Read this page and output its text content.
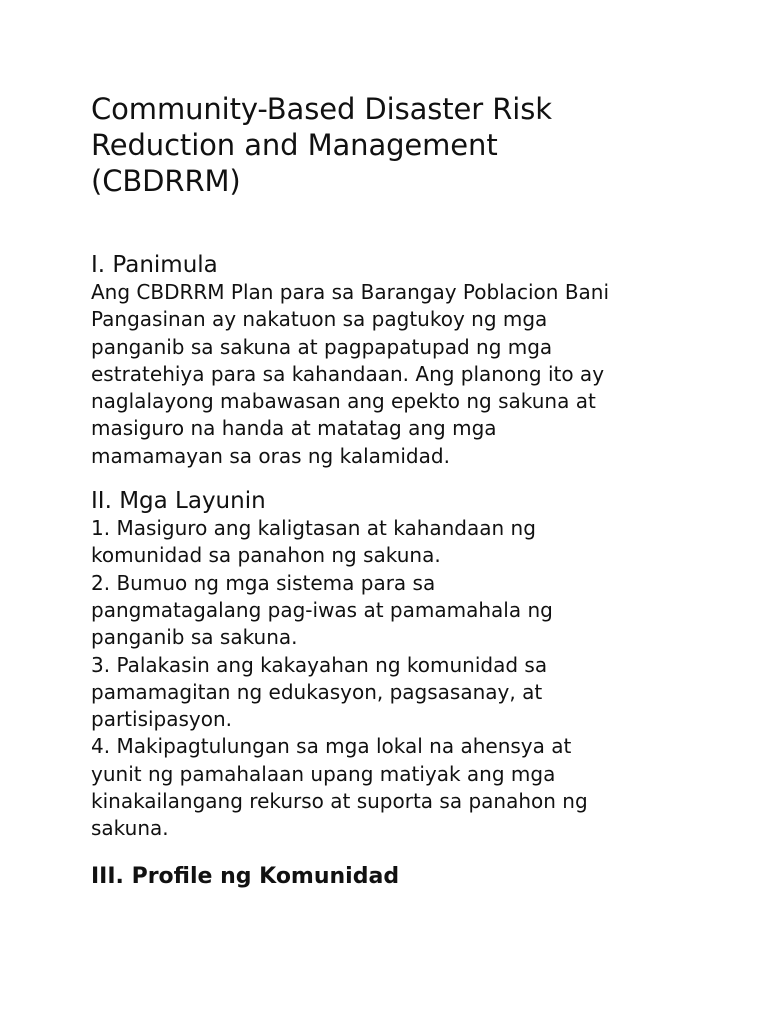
Community-Based Disaster Risk
Reduction and Management
(CBDRRM)
I. Panimula
Ang CBDRRM Plan para sa Barangay Poblacion Bani
Pangasinan ay nakatuon sa pagtukoy ng mga
panganib sa sakuna at pagpapatupad ng mga
estratehiya para sa kahandaan. Ang planong ito ay
naglalayong mabawasan ang epekto ng sakuna at
masiguro na handa at matatag ang mga
mamamayan sa oras ng kalamidad.
II. Mga Layunin

1. Masiguro ang kaligtasan at kahandaan ng
komunidad sa panahon ng sakuna.

2. Bumuo ng mga sistema para sa
pangmatagalang pag-iwas at pamamahala ng
panganib sa sakuna.

3. Palakasin ang kakayahan ng komunidad sa
pamamagitan ng edukasyon, pagsasanay, at
partisipasyon.

4. Makipagtulungan sa mga lokal na ahensya at
yunit ng pamahalaan upang matiyak ang mga
kinakailangang rekurso at suporta sa panahon ng
sakuna.

III. Profile ng Komunidad
